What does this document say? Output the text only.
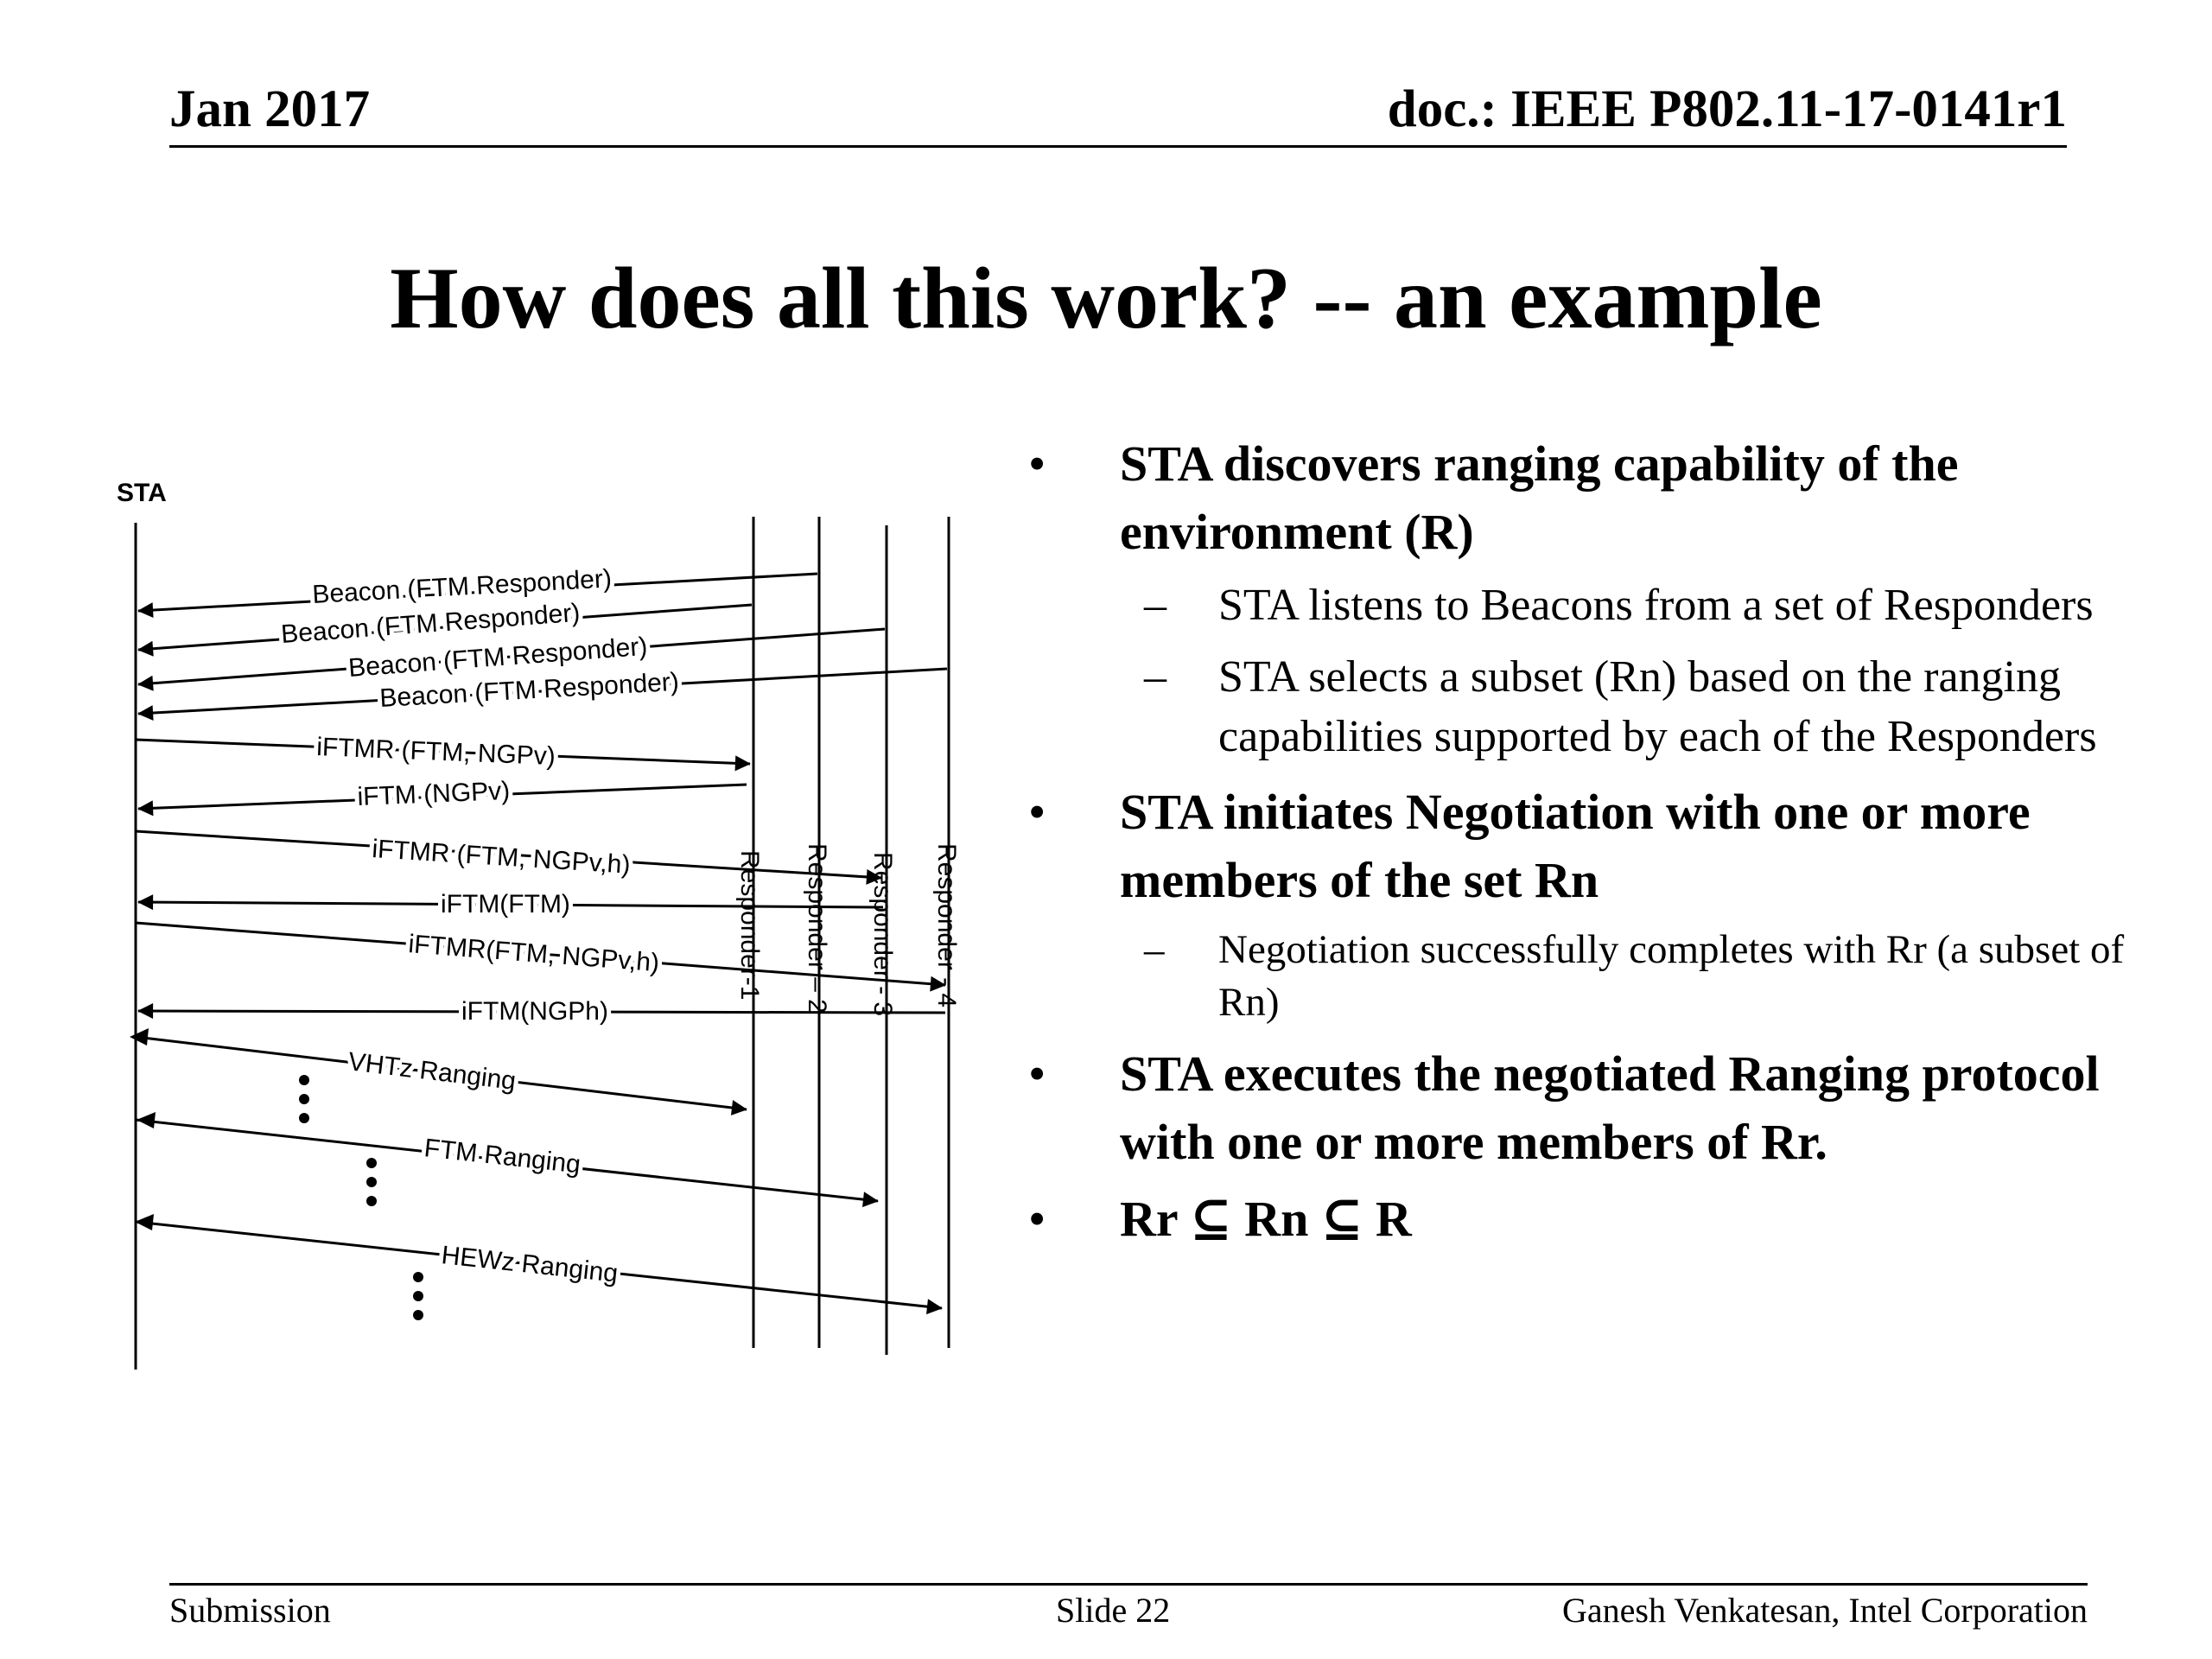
Jan 2017	doc.: IEEE P802.11-17-0141r1
How does all this work? -- an example
STA
Responder-1 Responder – 2 Responder - 3 Responder - 4
Beacon (FTM Responder)
Beacon (FTM Responder)
Beacon (FTM Responder)
Beacon (FTM Responder)
iFTMR (FTM, NGPv)
iFTM (NGPv)
iFTMR (FTM, NGPv,h)
iFTM(FTM)
iFTMR(FTM, NGPv,h)
iFTM(NGPh)
VHTz Ranging
FTM Ranging
HEWz Ranging
• STA discovers ranging capability of the environment (R)
– STA listens to Beacons from a set of Responders
– STA selects a subset (Rn) based on the ranging capabilities supported by each of the Responders
• STA initiates Negotiation with one or more members of the set Rn
– Negotiation successfully completes with Rr (a subset of Rn)
• STA executes the negotiated Ranging protocol with one or more members of Rr.
• Rr ⊆ Rn ⊆ R
Submission	Slide 22	Ganesh Venkatesan, Intel Corporation
